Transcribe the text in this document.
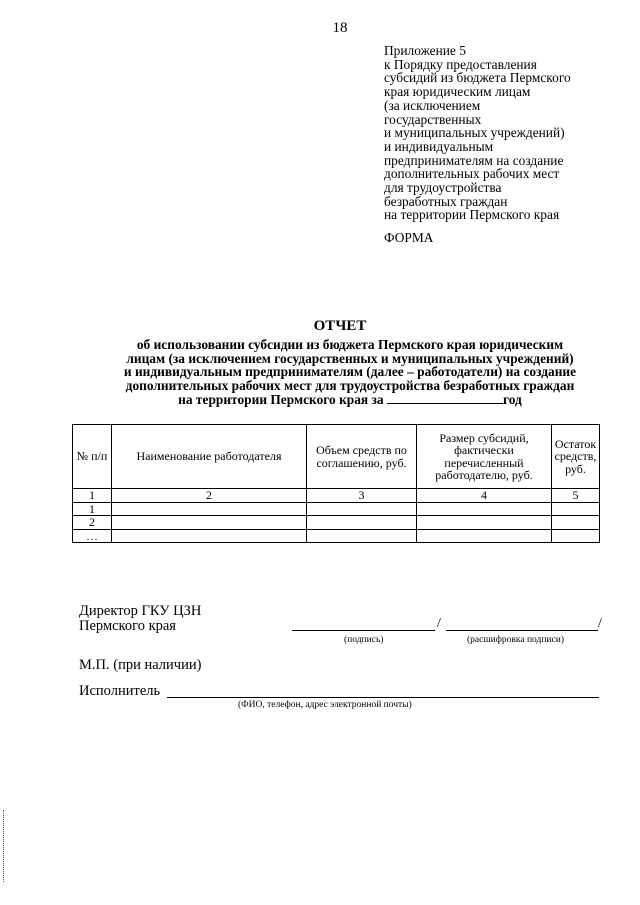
18
Приложение 5
к Порядку предоставления
субсидий из бюджета Пермского
края юридическим лицам
(за исключением
государственных
и муниципальных учреждений)
и индивидуальным
предпринимателям на создание
дополнительных рабочих мест
для трудоустройства
безработных граждан
на территории Пермского края
ФОРМА
ОТЧЕТ
об использовании субсидии из бюджета Пермского края юридическим
лицам (за исключением государственных и муниципальных учреждений)
и индивидуальным предпринимателям (далее – работодатели) на создание
дополнительных рабочих мест для трудоустройства безработных граждан
на территории Пермского края за	год
№ п/п	Наименование работодателя	Объем средств по соглашению, руб.	Размер субсидий, фактически перечисленный работодателю, руб.	Остаток средств, руб.
1	2	3	4	5
1				
2				
…				
Директор ГКУ ЦЗН
Пермского края	/	/
(подпись)	(расшифровка подписи)
М.П. (при наличии)
Исполнитель
(ФИО, телефон, адрес электронной почты)
